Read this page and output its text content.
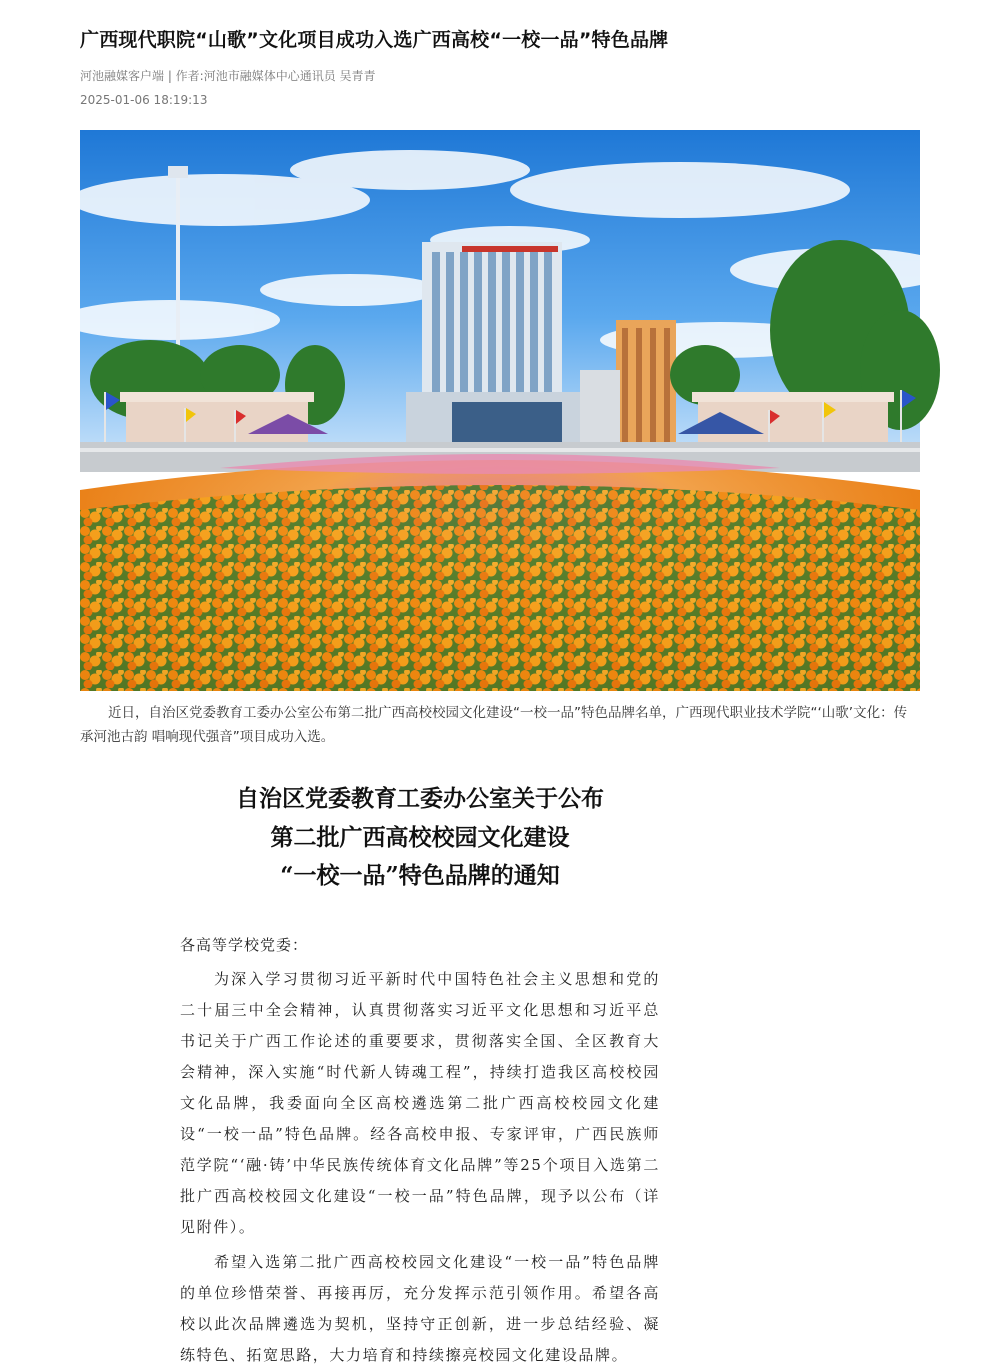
广西现代职院“山歌”文化项目成功入选广西高校“一校一品”特色品牌
河池融媒客户端 | 作者:河池市融媒体中心通讯员 吴青青
2025-01-06 18:19:13

近日，自治区党委教育工委办公室公布第二批广西高校校园文化建设“一校一品”特色品牌名单，广西现代职业技术学院“‘山歌’文化：传承河池古韵 唱响现代强音”项目成功入选。

自治区党委教育工委办公室关于公布
第二批广西高校校园文化建设
“一校一品”特色品牌的通知
各高等学校党委：

为深入学习贯彻习近平新时代中国特色社会主义思想和党的二十届三中全会精神，认真贯彻落实习近平文化思想和习近平总书记关于广西工作论述的重要要求，贯彻落实全国、全区教育大会精神，深入实施“时代新人铸魂工程”，持续打造我区高校校园文化品牌，我委面向全区高校遴选第二批广西高校校园文化建设“一校一品”特色品牌。经各高校申报、专家评审，广西民族师范学院“‘融·铸’中华民族传统体育文化品牌”等25个项目入选第二批广西高校校园文化建设“一校一品”特色品牌，现予以公布（详见附件）。

希望入选第二批广西高校校园文化建设“一校一品”特色品牌的单位珍惜荣誉、再接再厉，充分发挥示范引领作用。希望各高校以此次品牌遴选为契机，坚持守正创新，进一步总结经验、凝练特色、拓宽思路，大力培育和持续擦亮校园文化建设品牌。
